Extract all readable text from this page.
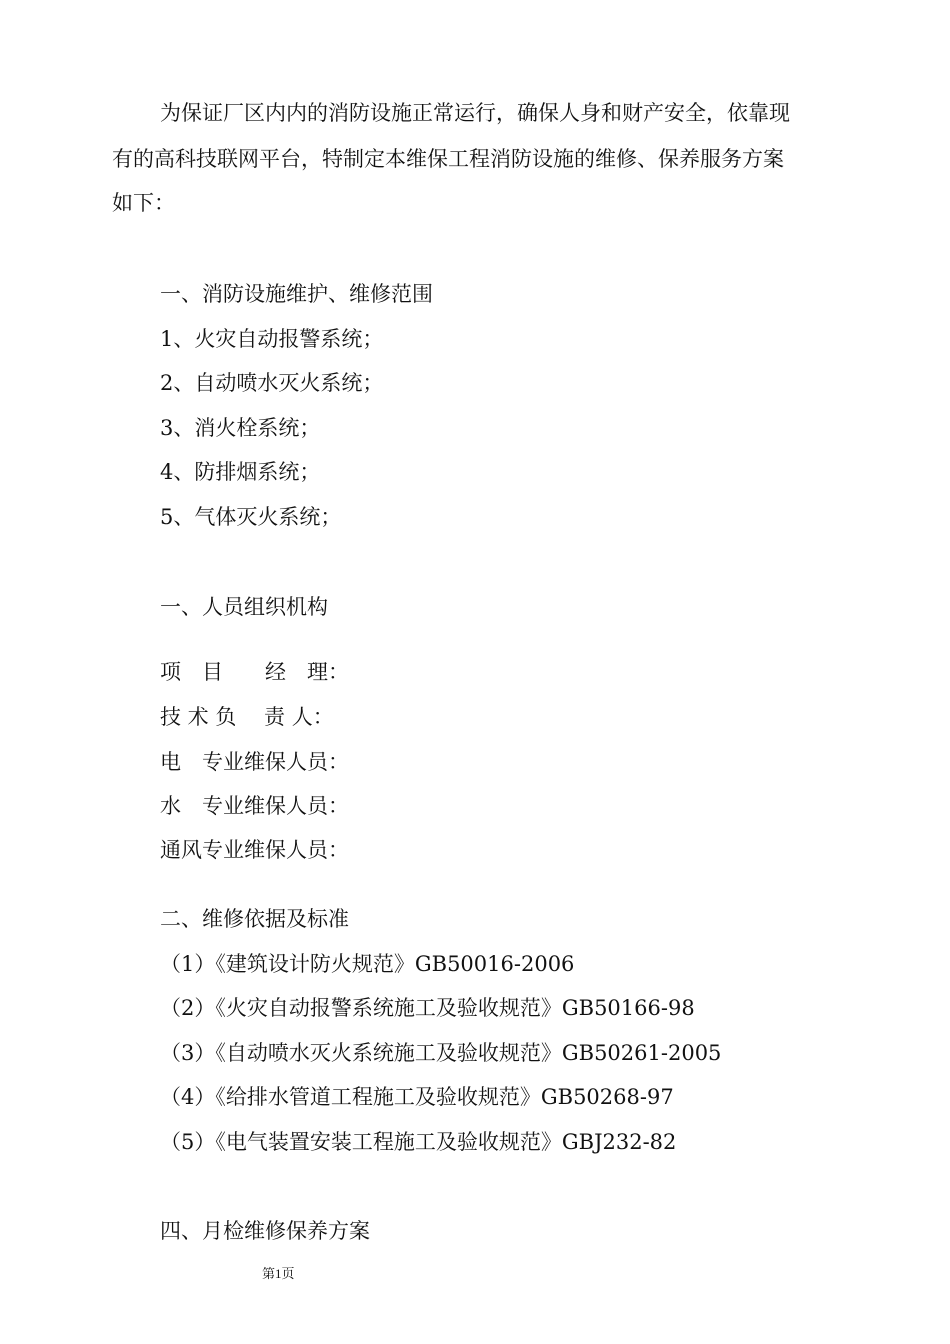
为保证厂区内内的消防设施正常运行，确保人身和财产安全，依靠现

有的高科技联网平台，特制定本维保工程消防设施的维修、保养服务方案

如下：

一、消防设施维护、维修范围

1、火灾自动报警系统；

2、自动喷水灭火系统；

3、消火栓系统；

4、防排烟系统；

5、气体灭火系统；

一、人员组织机构

项　目　　经　理：

技 术 负　 责 人：

电　专业维保人员：

水　专业维保人员：

通风专业维保人员：

二、维修依据及标准

（1）《建筑设计防火规范》GB50016-2006

（2）《火灾自动报警系统施工及验收规范》GB50166-98

（3）《自动喷水灭火系统施工及验收规范》GB50261-2005

（4）《给排水管道工程施工及验收规范》GB50268-97

（5）《电气装置安装工程施工及验收规范》GBJ232-82

四、月检维修保养方案

第1页
